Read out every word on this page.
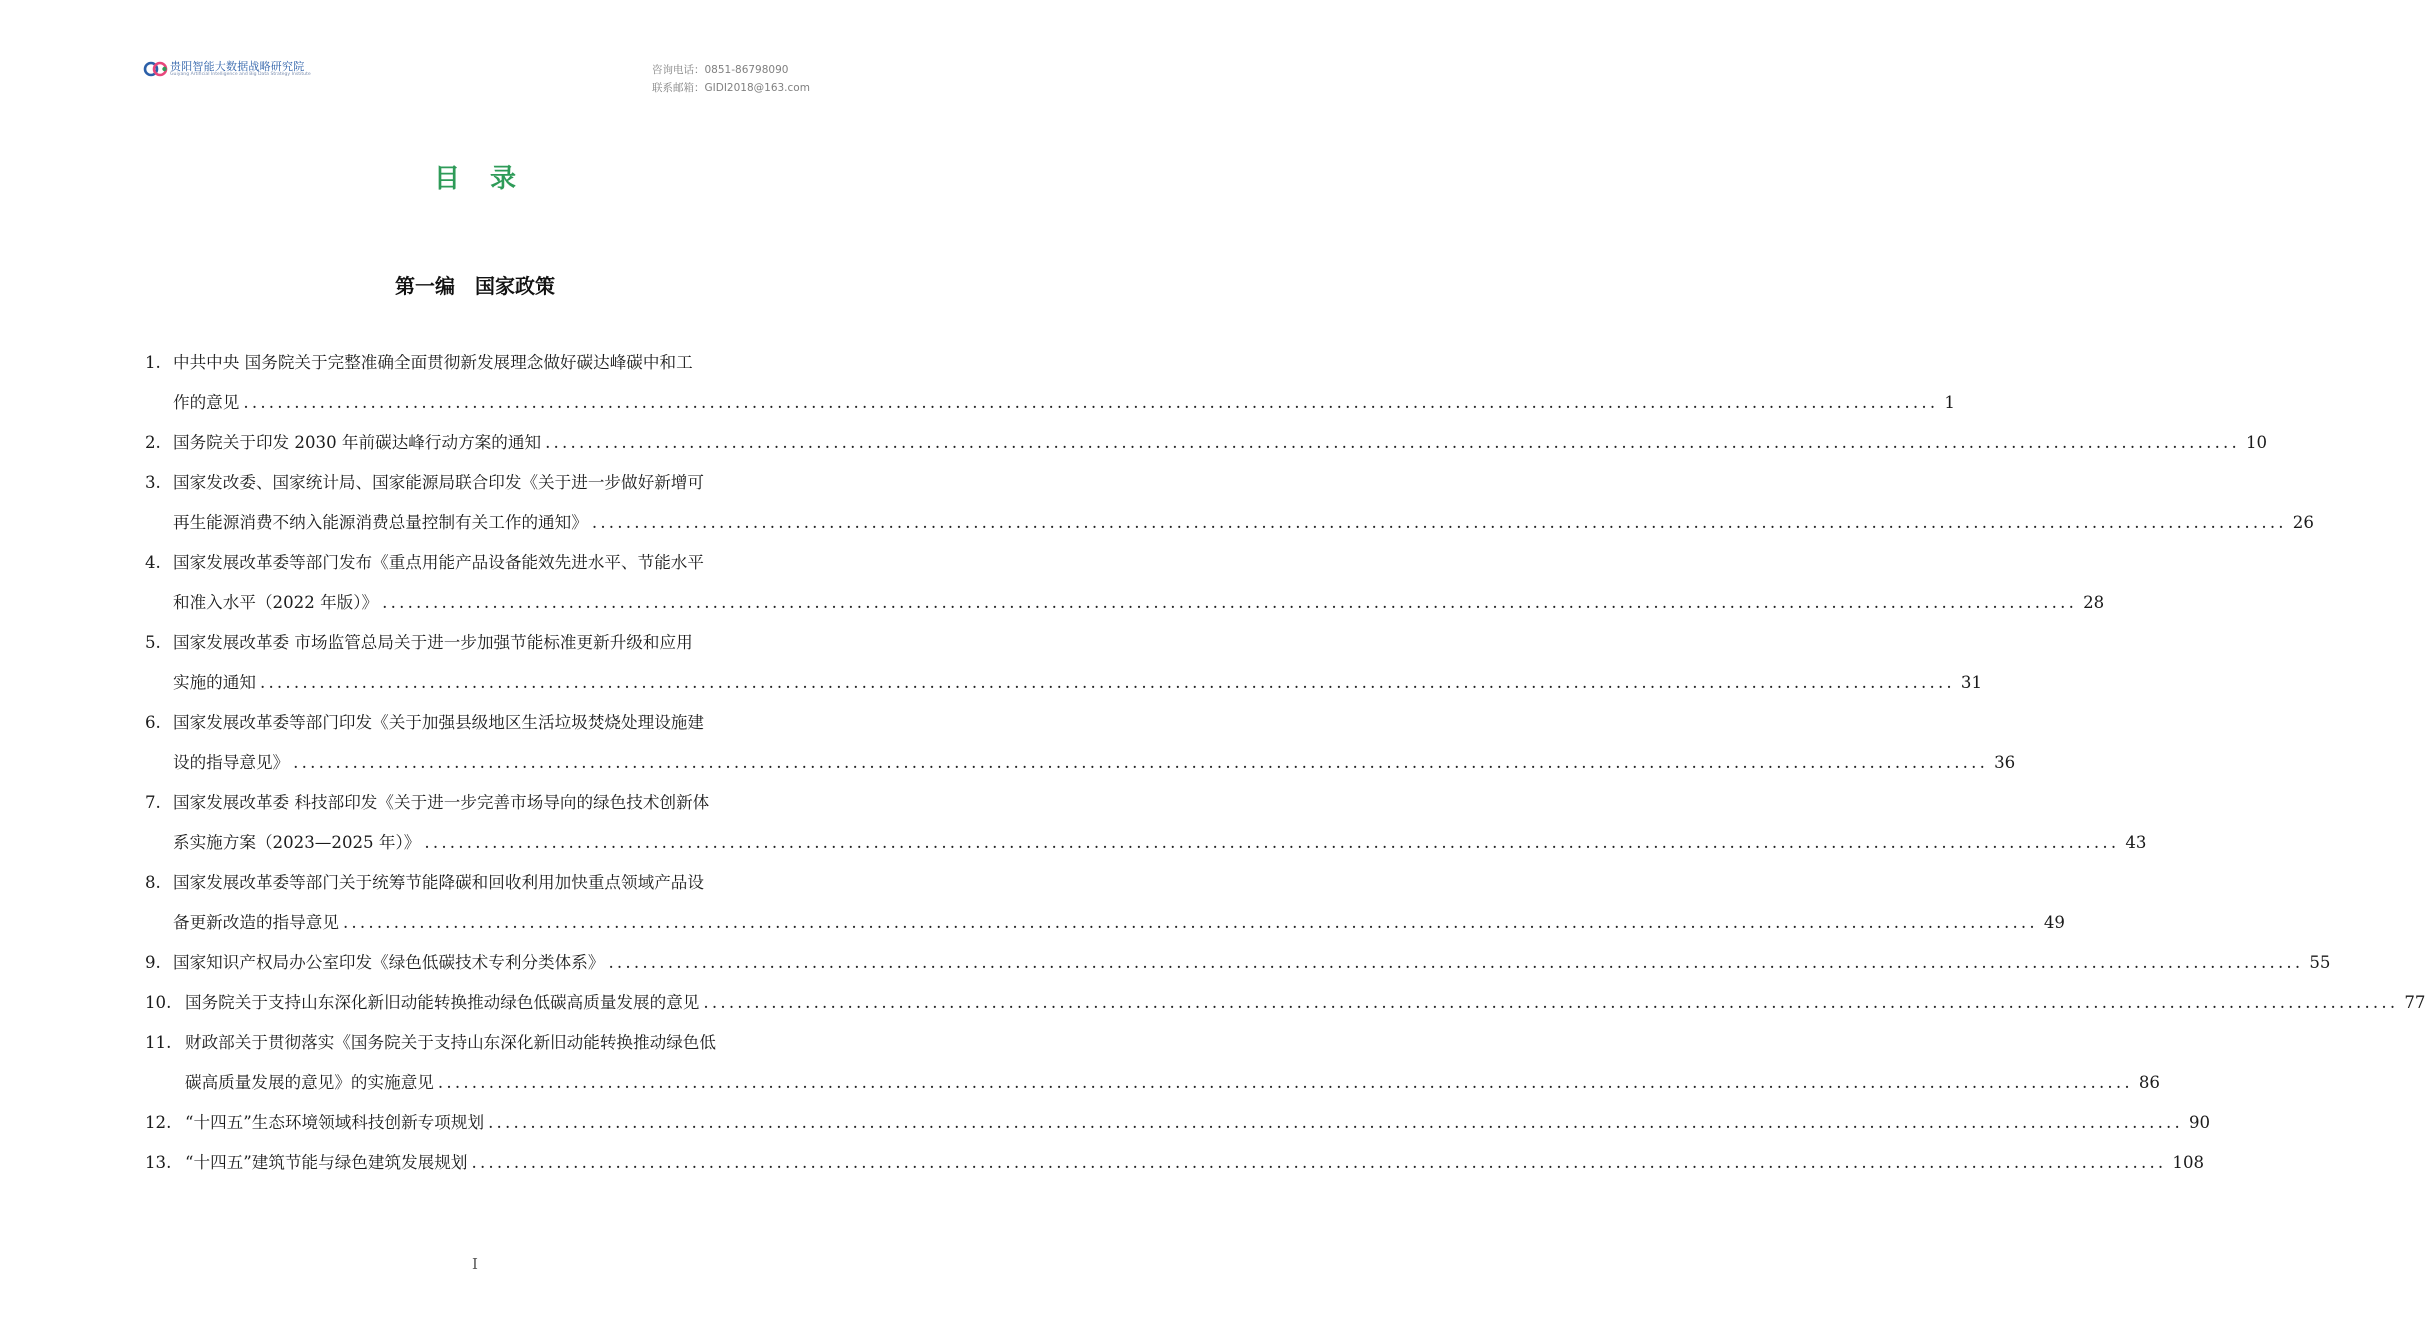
贵阳智能大数据战略研究院
Guiyang Artificial Intelligence and Big Data Strategy Institute	咨询电话：0851-86798090
联系邮箱：GIDI2018@163.com
目录
第一编　国家政策
1. 中共中央 国务院关于完整准确全面贯彻新发展理念做好碳达峰碳中和工
作的意见 ........................................................................................................................................................................................................ 1
2. 国务院关于印发 2030 年前碳达峰行动方案的通知 ........................................................................................................................................................................................................ 10
3. 国家发改委、国家统计局、国家能源局联合印发《关于进一步做好新增可
再生能源消费不纳入能源消费总量控制有关工作的通知》 ........................................................................................................................................................................................................ 26
4. 国家发展改革委等部门发布《重点用能产品设备能效先进水平、节能水平
和准入水平（2022 年版）》 ........................................................................................................................................................................................................ 28
5. 国家发展改革委 市场监管总局关于进一步加强节能标准更新升级和应用
实施的通知 ........................................................................................................................................................................................................ 31
6. 国家发展改革委等部门印发《关于加强县级地区生活垃圾焚烧处理设施建
设的指导意见》 ........................................................................................................................................................................................................ 36
7. 国家发展改革委 科技部印发《关于进一步完善市场导向的绿色技术创新体
系实施方案（2023—2025 年）》 ........................................................................................................................................................................................................ 43
8. 国家发展改革委等部门关于统筹节能降碳和回收利用加快重点领域产品设
备更新改造的指导意见 ........................................................................................................................................................................................................ 49
9. 国家知识产权局办公室印发《绿色低碳技术专利分类体系》 ........................................................................................................................................................................................................ 55
10. 国务院关于支持山东深化新旧动能转换推动绿色低碳高质量发展的意见 ........................................................................................................................................................................................................ 77
11. 财政部关于贯彻落实《国务院关于支持山东深化新旧动能转换推动绿色低
碳高质量发展的意见》的实施意见 ........................................................................................................................................................................................................ 86
12. “十四五”生态环境领域科技创新专项规划 ........................................................................................................................................................................................................ 90
13. “十四五”建筑节能与绿色建筑发展规划 ........................................................................................................................................................................................................ 108
I
